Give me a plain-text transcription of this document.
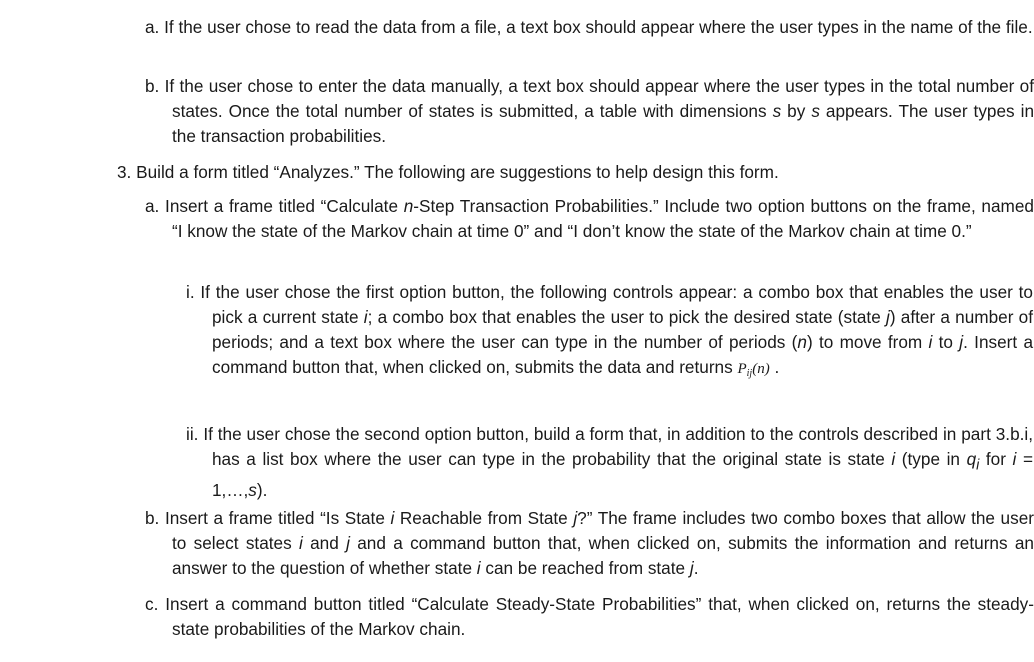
a. If the user chose to read the data from a file, a text box should appear where the user types in the name of the file.
b. If the user chose to enter the data manually, a text box should appear where the user types in the total number of states. Once the total number of states is submitted, a table with dimensions s by s appears. The user types in the transaction probabilities.
3. Build a form titled “Analyzes.” The following are suggestions to help design this form.
a. Insert a frame titled “Calculate n-Step Transaction Probabilities.” Include two option buttons on the frame, named “I know the state of the Markov chain at time 0” and “I don’t know the state of the Markov chain at time 0.”
i. If the user chose the first option button, the following controls appear: a combo box that enables the user to pick a current state i; a combo box that enables the user to pick the desired state (state j) after a number of periods; and a text box where the user can type in the number of periods (n) to move from i to j. Insert a command button that, when clicked on, submits the data and returns $P_{ij}(n)$ .
ii. If the user chose the second option button, build a form that, in addition to the controls described in part 3.b.i, has a list box where the user can type in the probability that the original state is state i (type in $q_i$ for i = 1,…,s).
b. Insert a frame titled “Is State i Reachable from State j?” The frame includes two combo boxes that allow the user to select states i and j and a command button that, when clicked on, submits the information and returns an answer to the question of whether state i can be reached from state j.
c. Insert a command button titled “Calculate Steady-State Probabilities” that, when clicked on, returns the steady-state probabilities of the Markov chain.
